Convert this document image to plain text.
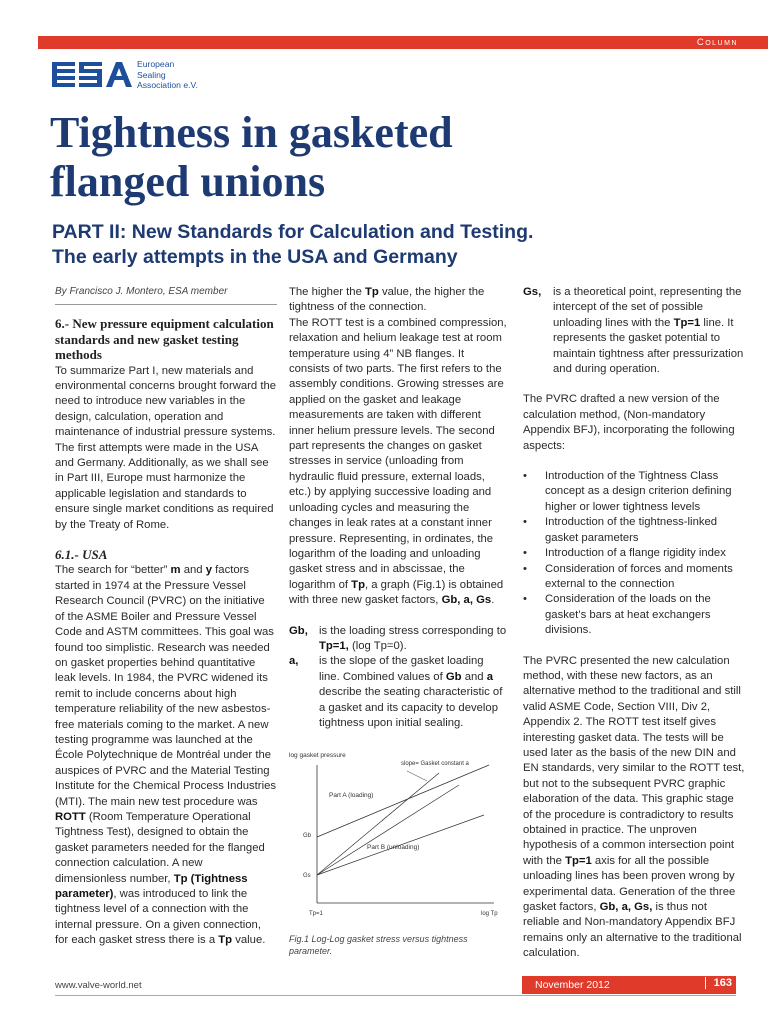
Column
European
Sealing
Association e.V.
Tightness in gasketed
flanged unions
PART II: New Standards for Calculation and Testing.
The early attempts in the USA and Germany
By Francisco J. Montero, ESA member
6.- New pressure equipment calculation standards and new gasket testing methods

To summarize Part I, new materials and environmental concerns brought forward the need to introduce new variables in the design, calculation, operation and maintenance of industrial pressure systems. The first attempts were made in the USA and Germany. Additionally, as we shall see in Part III, Europe must harmonize the applicable legislation and standards to ensure single market conditions as required by the Treaty of Rome.

6.1.- USA

The search for “better” m and y factors started in 1974 at the Pressure Vessel Research Council (PVRC) on the initiative of the ASME Boiler and Pressure Vessel Code and ASTM committees. This goal was found too simplistic. Research was needed on gasket properties behind quantitative leak levels. In 1984, the PVRC widened its remit to include concerns about high temperature reliability of the new asbestos-free materials coming to the market. A new testing programme was launched at the École Polytechnique de Montréal under the auspices of PVRC and the Material Testing Institute for the Chemical Process Industries (MTI). The main new test procedure was ROTT (Room Temperature Operational Tightness Test), designed to obtain the gasket parameters needed for the flanged connection calculation. A new dimensionless number, Tp (Tightness parameter), was introduced to link the tightness level of a connection with the internal pressure. On a given connection, for each gasket stress there is a Tp value.

The higher the Tp value, the higher the tightness of the connection.

The ROTT test is a combined compression, relaxation and helium leakage test at room temperature using 4” NB flanges. It consists of two parts. The first refers to the assembly conditions. Growing stresses are applied on the gasket and leakage measurements are taken with different inner helium pressure levels. The second part represents the changes on gasket stresses in service (unloading from hydraulic fluid pressure, external loads, etc.) by applying successive loading and unloading cycles and measuring the changes in leak rates at a constant inner pressure. Representing, in ordinates, the logarithm of the loading and unloading gasket stress and in abscissae, the logarithm of Tp, a graph (Fig.1) is obtained with three new gasket factors, Gb, a, Gs.

Gb, is the loading stress corresponding to Tp=1, (log Tp=0).
a,	is the slope of the gasket loading line. Combined values of Gb and a describe the seating characteristic of a gasket and its capacity to develop tightness upon initial sealing.
log gasket pressure
slope= Gasket constant a
Part A (loading)
Part B (unloading)
Gb
Gs
Tp=1	log Tp
Fig.1 Log-Log gasket stress versus tightness parameter.
Gs,	is a theoretical point, representing the intercept of the set of possible unloading lines with the Tp=1 line. It represents the gasket potential to maintain tightness after pressurization and during operation.

The PVRC drafted a new version of the calculation method, (Non-mandatory Appendix BFJ), incorporating the following aspects:

•	Introduction of the Tightness Class concept as a design criterion defining higher or lower tightness levels
•	Introduction of the tightness-linked gasket parameters
•	Introduction of a flange rigidity index
•	Consideration of forces and moments external to the connection
•	Consideration of the loads on the gasket’s bars at heat exchangers divisions.

The PVRC presented the new calculation method, with these new factors, as an alternative method to the traditional and still valid ASME Code, Section VIII, Div 2, Appendix 2. The ROTT test itself gives interesting gasket data. The tests will be used later as the basis of the new DIN and EN standards, very similar to the ROTT test, but not to the subsequent PVRC graphic elaboration of the data. This graphic stage of the procedure is contradictory to results obtained in practice. The unproven hypothesis of a common intersection point with the Tp=1 axis for all the possible unloading lines has been proven wrong by experimental data. Generation of the three gasket factors, Gb, a, Gs, is thus not reliable and Non-mandatory Appendix BFJ remains only an alternative to the traditional calculation.

www.valve-world.net	November 2012	163
